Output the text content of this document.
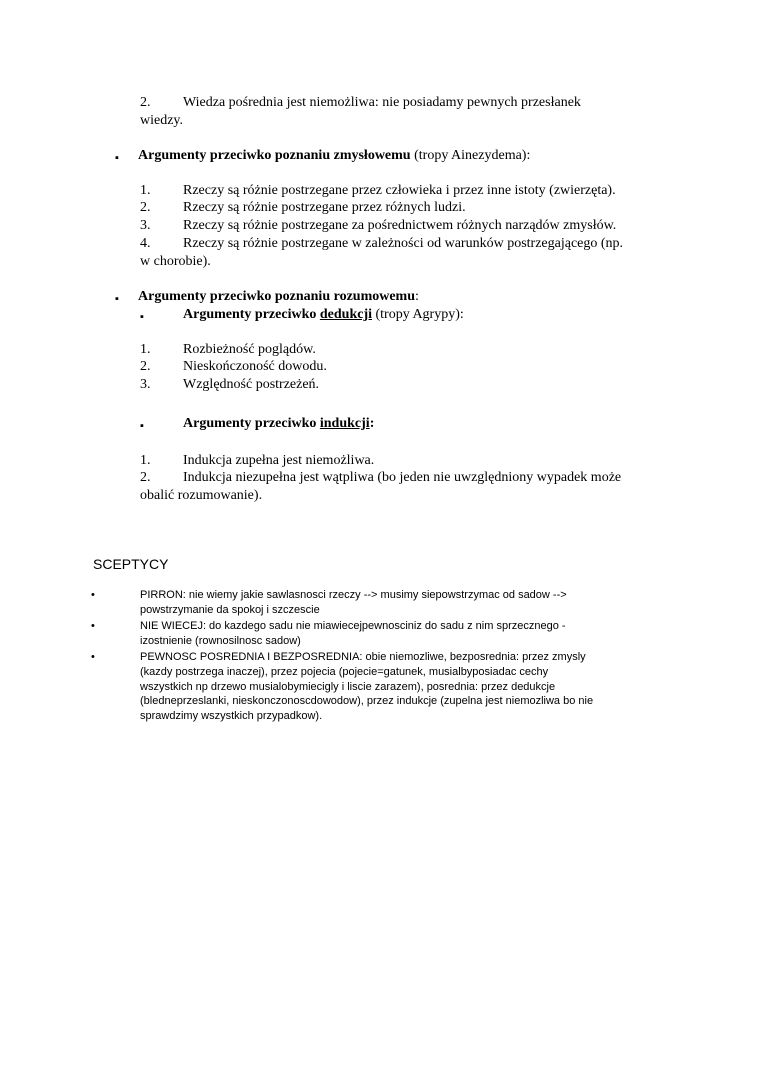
2. Wiedza pośrednia jest niemożliwa: nie posiadamy pewnych przesłanek
wiedzy.
▪ Argumenty przeciwko poznaniu zmysłowemu (tropy Ainezydema):
1. Rzeczy są różnie postrzegane przez człowieka i przez inne istoty (zwierzęta).
2. Rzeczy są różnie postrzegane przez różnych ludzi.
3. Rzeczy są różnie postrzegane za pośrednictwem różnych narządów zmysłów.
4. Rzeczy są różnie postrzegane w zależności od warunków postrzegającego (np.
w chorobie).
▪ Argumenty przeciwko poznaniu rozumowemu:
▪	Argumenty przeciwko dedukcji (tropy Agrypy):
1. Rozbieżność poglądów.
2. Nieskończoność dowodu.
3. Względność postrzeżeń.
▪	Argumenty przeciwko indukcji:
1. Indukcja zupełna jest niemożliwa.
2. Indukcja niezupełna jest wątpliwa (bo jeden nie uwzględniony wypadek może
obalić rozumowanie).
SCEPTYCY
•	PIRRON: nie wiemy jakie sawlasnosci rzeczy --> musimy siepowstrzymac od sadow -->
powstrzymanie da spokoj i szczescie
•	NIE WIECEJ: do kazdego sadu nie miawiecejpewnosciniz do sadu z nim sprzecznego -
izostnienie (rownosilnosc sadow)
•	PEWNOSC POSREDNIA I BEZPOSREDNIA: obie niemozliwe, bezposrednia: przez zmysly
(kazdy postrzega inaczej), przez pojecia (pojecie=gatunek, musialbyposiadac cechy
wszystkich np drzewo musialobymiecigly i liscie zarazem), posrednia: przez dedukcje
(bledneprzeslanki, nieskonczonoscdowodow), przez indukcje (zupelna jest niemozliwa bo nie
sprawdzimy wszystkich przypadkow).
